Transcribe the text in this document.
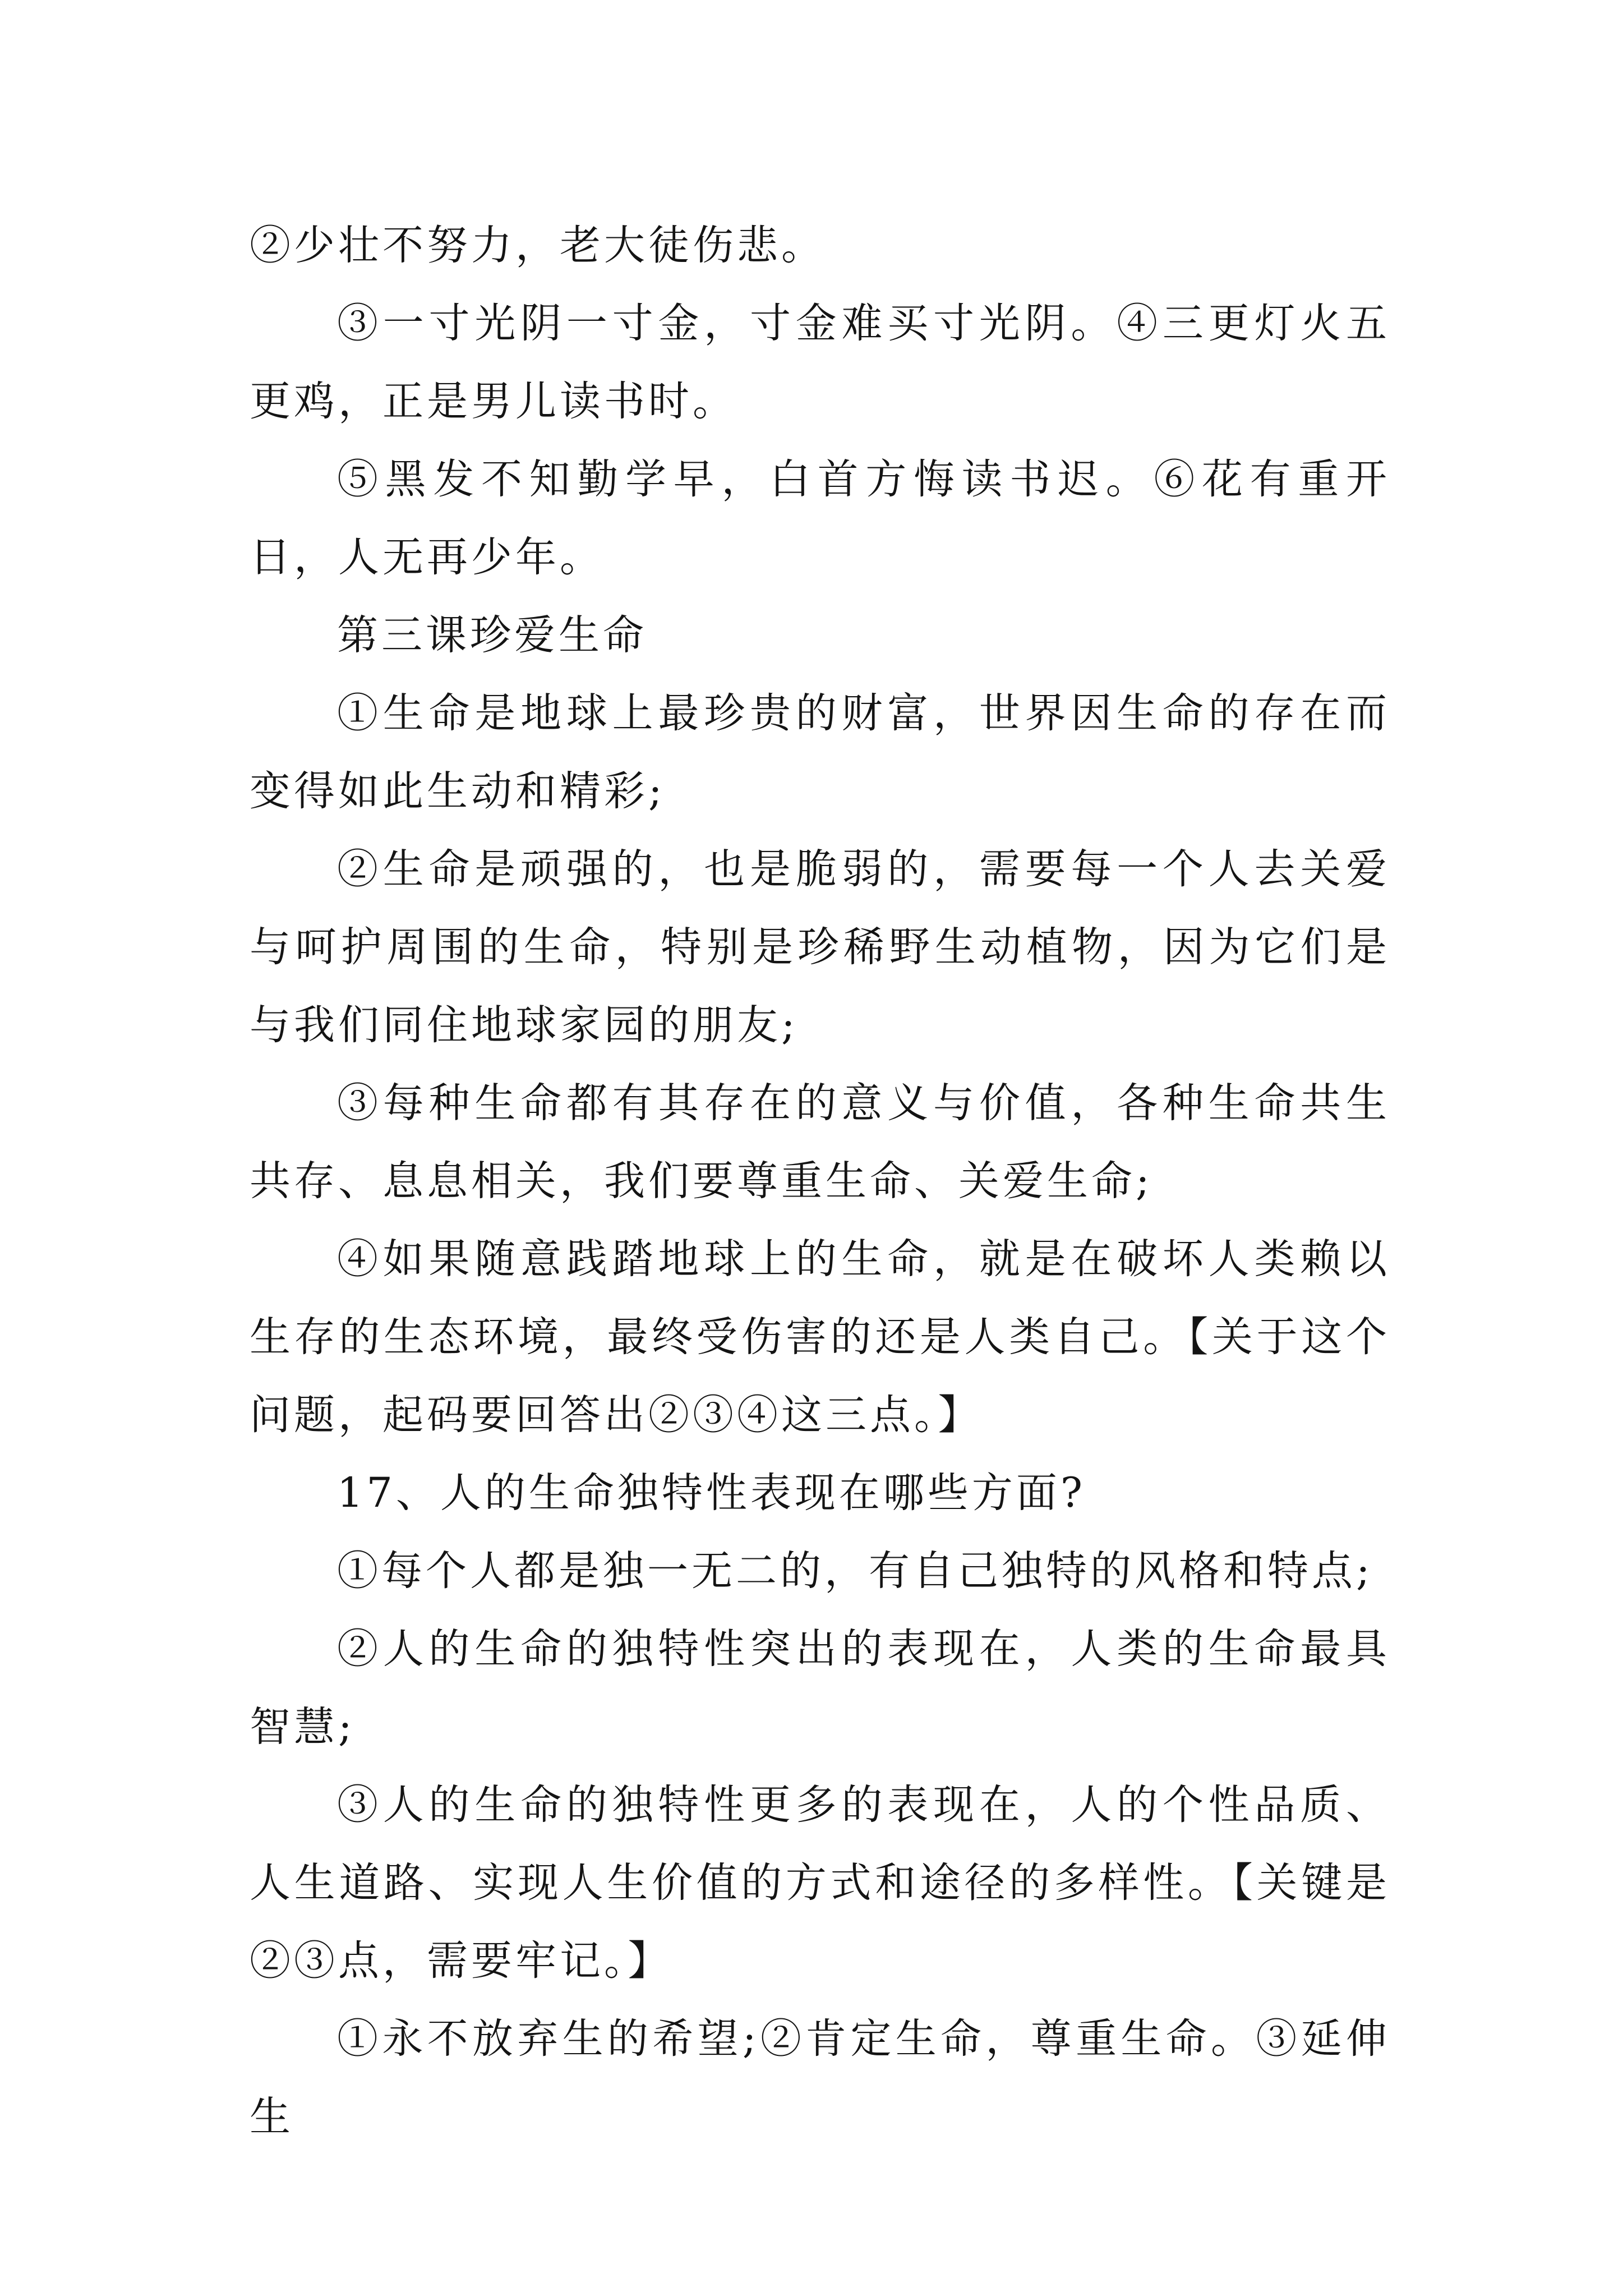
②少壮不努力，老大徒伤悲。

③一寸光阴一寸金，寸金难买寸光阴。④三更灯火五更鸡，正是男儿读书时。

⑤黑发不知勤学早，白首方悔读书迟。⑥花有重开日，人无再少年。

第三课珍爱生命

①生命是地球上最珍贵的财富，世界因生命的存在而变得如此生动和精彩;

②生命是顽强的，也是脆弱的，需要每一个人去关爱与呵护周围的生命，特别是珍稀野生动植物，因为它们是与我们同住地球家园的朋友;

③每种生命都有其存在的意义与价值，各种生命共生共存、息息相关，我们要尊重生命、关爱生命;

④如果随意践踏地球上的生命，就是在破坏人类赖以生存的生态环境，最终受伤害的还是人类自己。【关于这个问题，起码要回答出②③④这三点。】

17、人的生命独特性表现在哪些方面?

①每个人都是独一无二的，有自己独特的风格和特点;

②人的生命的独特性突出的表现在，人类的生命最具智慧;

③人的生命的独特性更多的表现在，人的个性品质、人生道路、实现人生价值的方式和途径的多样性。【关键是②③点，需要牢记。】

①永不放弃生的希望;②肯定生命，尊重生命。③延伸生
